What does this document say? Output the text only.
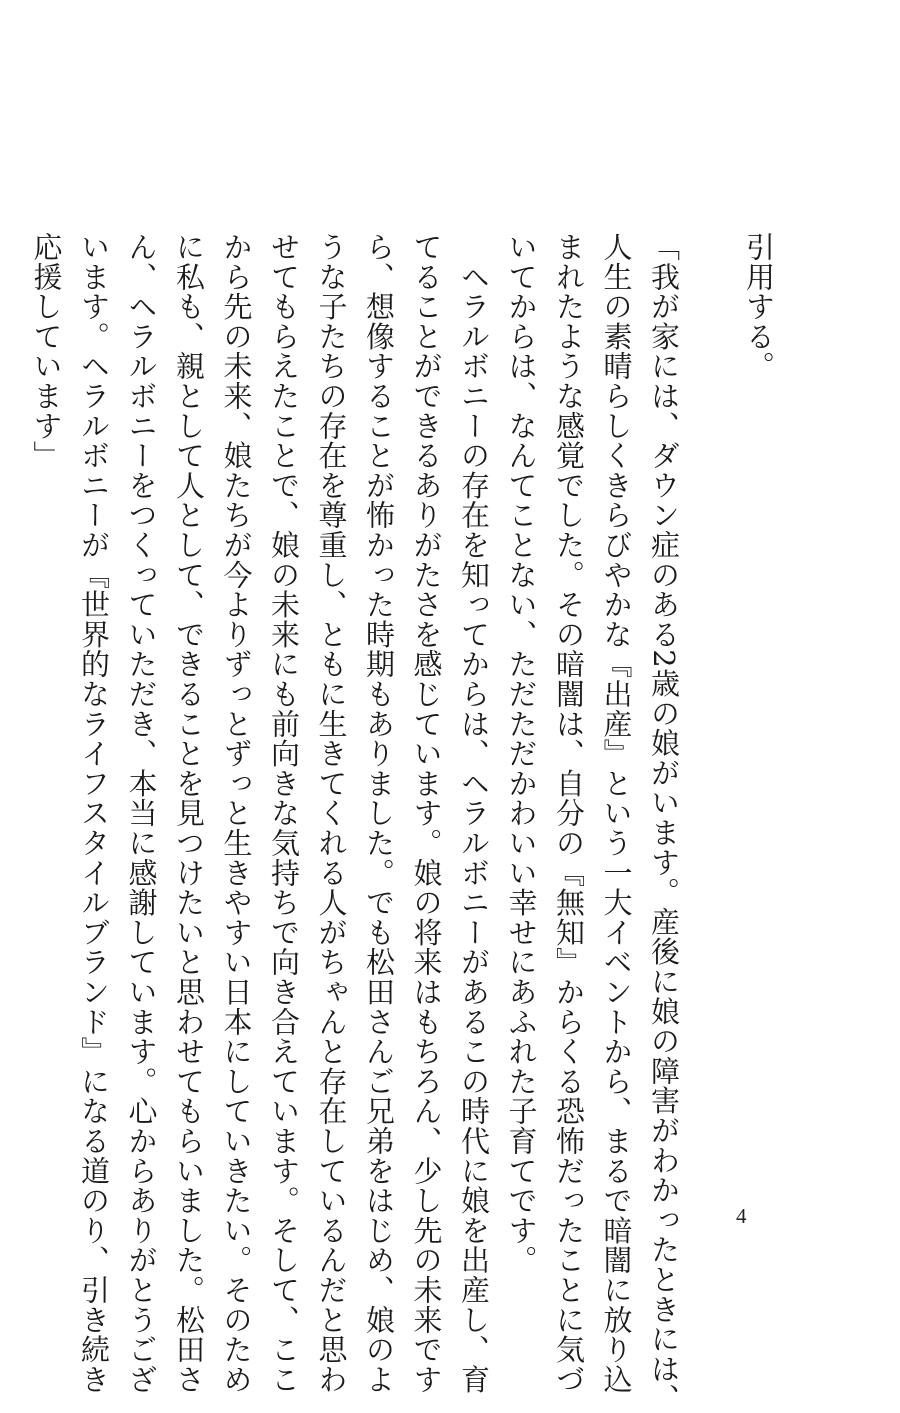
引用する。
「我が家には、ダウン症のある2歳の娘がいます。産後に娘の障害がわかったときには、
人生の素晴らしくきらびやかな『出産』という一大イベントから、まるで暗闇に放り込
まれたような感覚でした。その暗闇は、自分の『無知』からくる恐怖だったことに気づ
いてからは、なんてことない、ただただかわいい幸せにあふれた子育てです。
　ヘラルボニーの存在を知ってからは、ヘラルボニーがあるこの時代に娘を出産し、育
てることができるありがたさを感じています。娘の将来はもちろん、少し先の未来です
ら、想像することが怖かった時期もありました。でも松田さんご兄弟をはじめ、娘のよ
うな子たちの存在を尊重し、ともに生きてくれる人がちゃんと存在しているんだと思わ
せてもらえたことで、娘の未来にも前向きな気持ちで向き合えています。そして、ここ
から先の未来、娘たちが今よりずっとずっと生きやすい日本にしていきたい。そのため
に私も、親として人として、できることを見つけたいと思わせてもらいました。松田さ
ん、ヘラルボニーをつくっていただき、本当に感謝しています。心からありがとうござ
います。ヘラルボニーが『世界的なライフスタイルブランド』になる道のり、引き続き
応援しています」
4
